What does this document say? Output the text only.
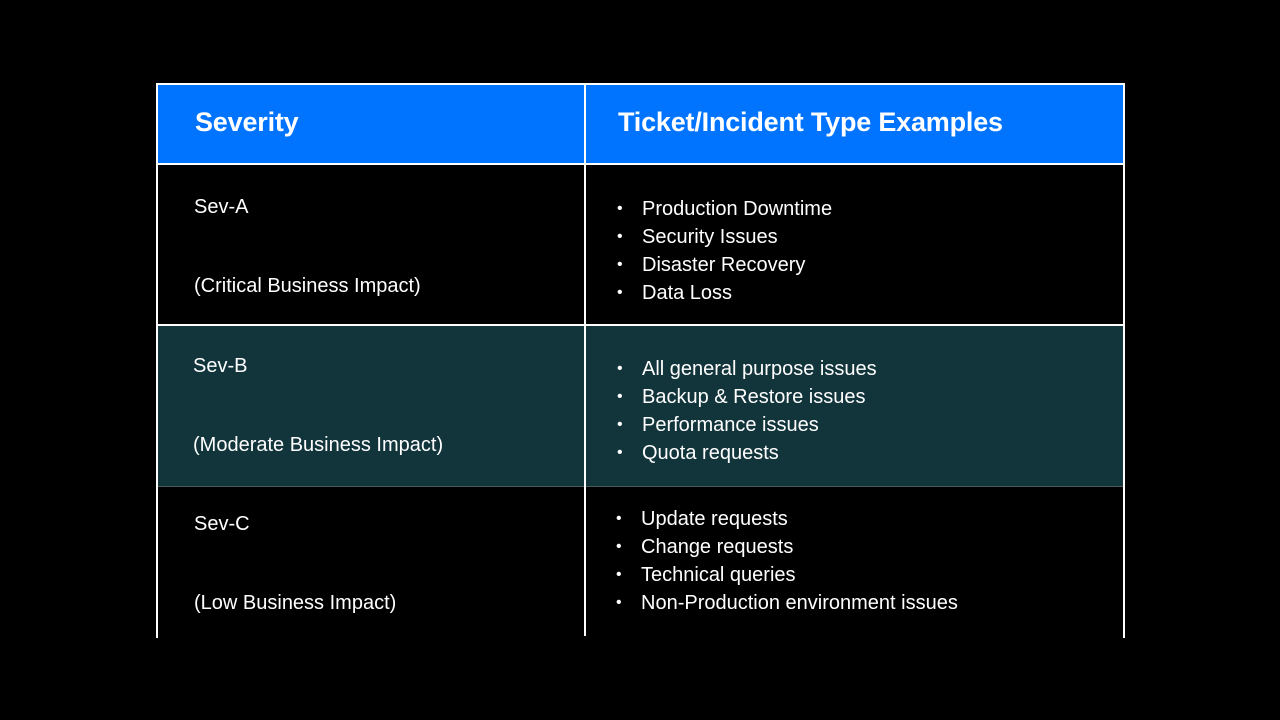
Severity	Ticket/Incident Type Examples
Sev-A
(Critical Business Impact)
• Production Downtime
• Security Issues
• Disaster Recovery
• Data Loss
Sev-B
(Moderate Business Impact)
• All general purpose issues
• Backup & Restore issues
• Performance issues
• Quota requests
Sev-C
(Low Business Impact)
• Update requests
• Change requests
• Technical queries
• Non-Production environment issues
